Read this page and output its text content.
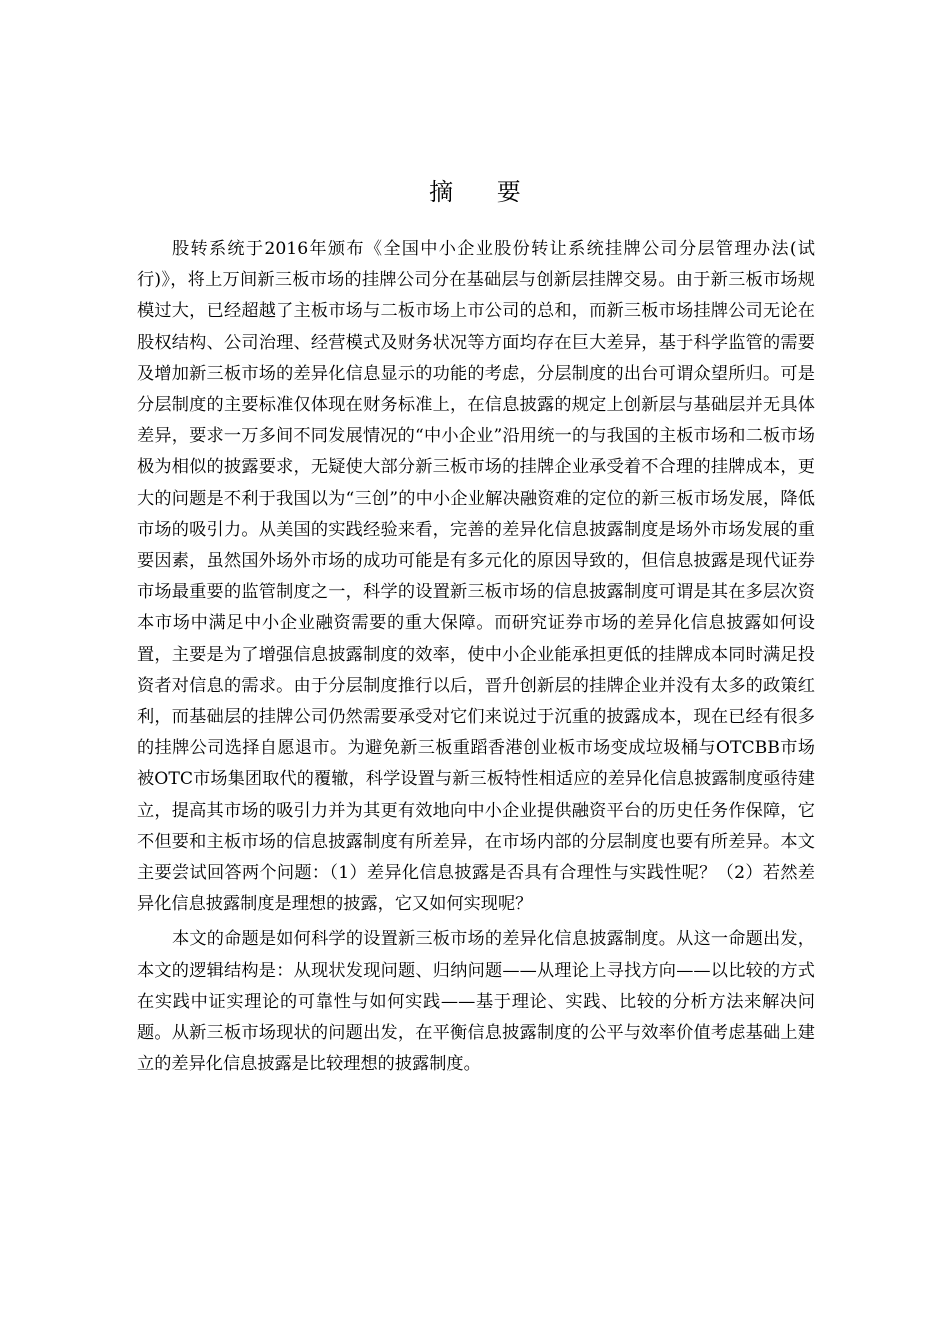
摘 要

股转系统于2016年颁布《全国中小企业股份转让系统挂牌公司分层管理办法(试行)》，将上万间新三板市场的挂牌公司分在基础层与创新层挂牌交易。由于新三板市场规模过大，已经超越了主板市场与二板市场上市公司的总和，而新三板市场挂牌公司无论在股权结构、公司治理、经营模式及财务状况等方面均存在巨大差异，基于科学监管的需要及增加新三板市场的差异化信息显示的功能的考虑，分层制度的出台可谓众望所归。可是分层制度的主要标准仅体现在财务标准上，在信息披露的规定上创新层与基础层并无具体差异，要求一万多间不同发展情况的“中小企业”沿用统一的与我国的主板市场和二板市场极为相似的披露要求，无疑使大部分新三板市场的挂牌企业承受着不合理的挂牌成本，更大的问题是不利于我国以为“三创”的中小企业解决融资难的定位的新三板市场发展，降低市场的吸引力。从美国的实践经验来看，完善的差异化信息披露制度是场外市场发展的重要因素，虽然国外场外市场的成功可能是有多元化的原因导致的，但信息披露是现代证券市场最重要的监管制度之一，科学的设置新三板市场的信息披露制度可谓是其在多层次资本市场中满足中小企业融资需要的重大保障。而研究证券市场的差异化信息披露如何设置，主要是为了增强信息披露制度的效率，使中小企业能承担更低的挂牌成本同时满足投资者对信息的需求。由于分层制度推行以后，晋升创新层的挂牌企业并没有太多的政策红利，而基础层的挂牌公司仍然需要承受对它们来说过于沉重的披露成本，现在已经有很多的挂牌公司选择自愿退市。为避免新三板重蹈香港创业板市场变成垃圾桶与OTCBB市场被OTC市场集团取代的覆辙，科学设置与新三板特性相适应的差异化信息披露制度亟待建立，提高其市场的吸引力并为其更有效地向中小企业提供融资平台的历史任务作保障，它不但要和主板市场的信息披露制度有所差异，在市场内部的分层制度也要有所差异。本文主要尝试回答两个问题：（1）差异化信息披露是否具有合理性与实践性呢？（2）若然差异化信息披露制度是理想的披露，它又如何实现呢？

本文的命题是如何科学的设置新三板市场的差异化信息披露制度。从这一命题出发，本文的逻辑结构是：从现状发现问题、归纳问题——从理论上寻找方向——以比较的方式在实践中证实理论的可靠性与如何实践——基于理论、实践、比较的分析方法来解决问题。从新三板市场现状的问题出发，在平衡信息披露制度的公平与效率价值考虑基础上建立的差异化信息披露是比较理想的披露制度。
